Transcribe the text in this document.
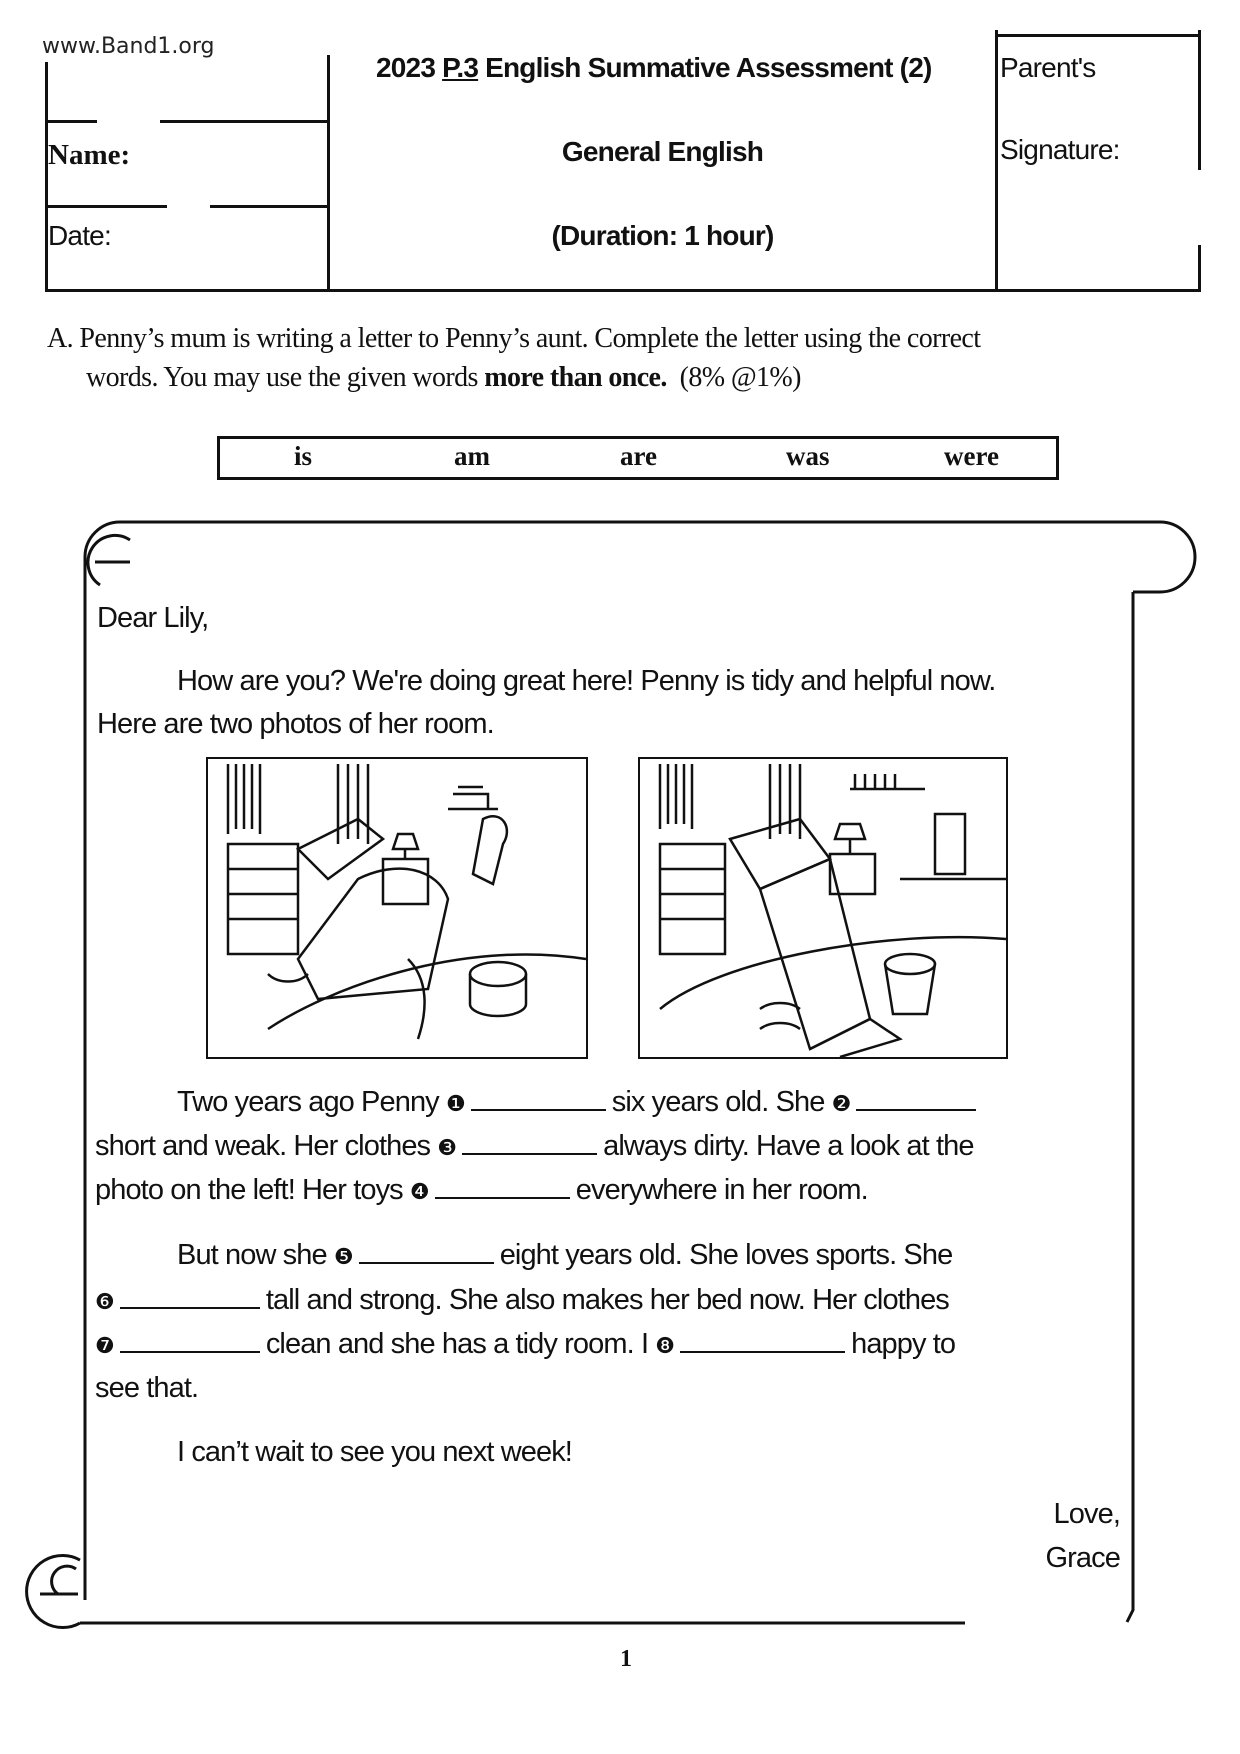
www.Band1.org
Name:
Date:
2023 P.3 English Summative Assessment (2)
General English
(Duration: 1 hour)
Parent's
Signature:
A. Penny’s mum is writing a letter to Penny’s aunt. Complete the letter using the correct
words. You may use the given words more than once.  (8% @1%)
is	am	are	was	were
Dear Lily,
How are you? We're doing great here! Penny is tidy and helpful now.
Here are two photos of her room.
Two years ago Penny ❶	six years old. She ❷
short and weak. Her clothes ❸	always dirty. Have a look at the
photo on the left! Her toys ❹	everywhere in her room.
But now she ❺	eight years old. She loves sports. She
❻	tall and strong. She also makes her bed now. Her clothes
❼	clean and she has a tidy room. I ❽	happy to
see that.
I can’t wait to see you next week!
Love,
Grace
1
